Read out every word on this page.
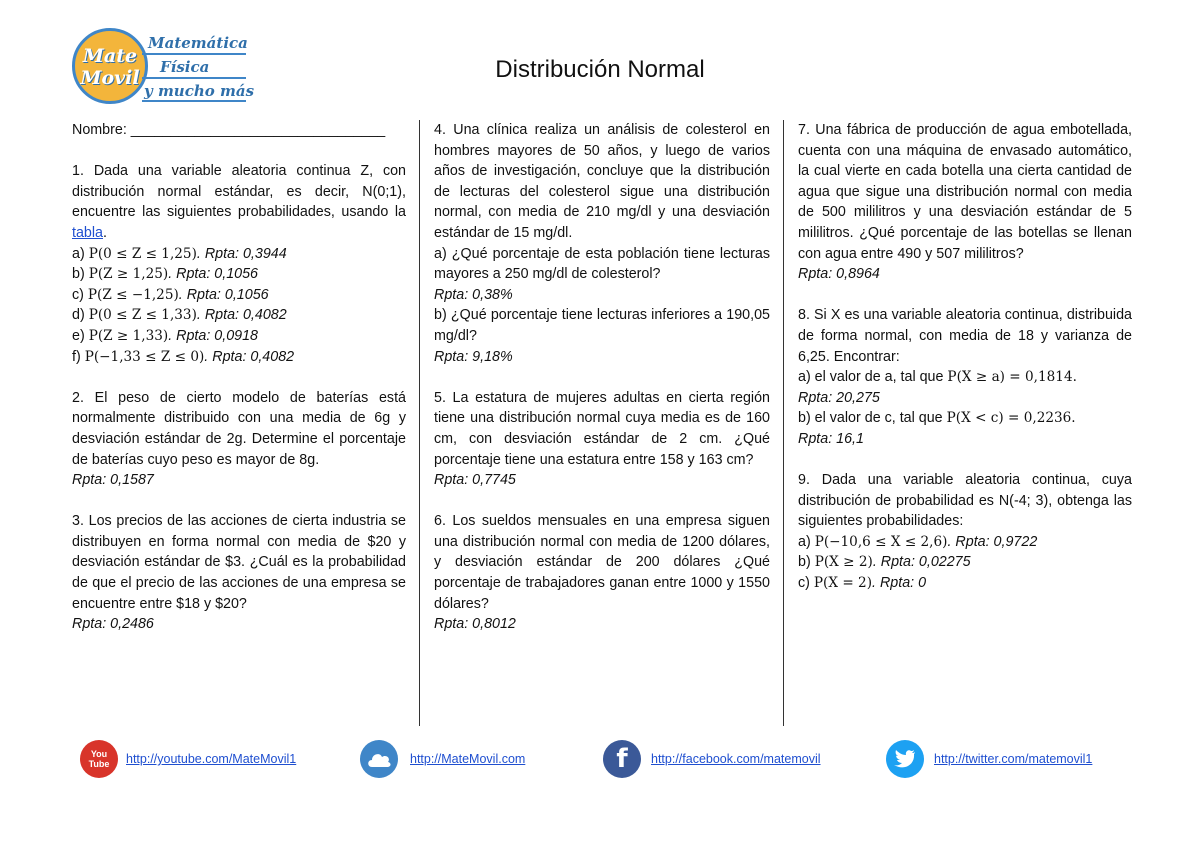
Mate
Movil
Matemática
Física
y mucho más
Distribución Normal

Nombre: ________________________________

1. Dada una variable aleatoria continua Z, con distribución normal estándar, es decir, N(0;1), encuentre las siguientes probabilidades, usando la tabla.
a) P(0 ≤ Z ≤ 1,25). Rpta: 0,3944
b) P(Z ≥ 1,25). Rpta: 0,1056
c) P(Z ≤ −1,25). Rpta: 0,1056
d) P(0 ≤ Z ≤ 1,33). Rpta: 0,4082
e) P(Z ≥ 1,33). Rpta: 0,0918
f) P(−1,33 ≤ Z ≤ 0). Rpta: 0,4082

2. El peso de cierto modelo de baterías está normalmente distribuido con una media de 6g y desviación estándar de 2g. Determine el porcentaje de baterías cuyo peso es mayor de 8g.
Rpta: 0,1587

3. Los precios de las acciones de cierta industria se distribuyen en forma normal con media de $20 y desviación estándar de $3. ¿Cuál es la probabilidad de que el precio de las acciones de una empresa se encuentre entre $18 y $20?
Rpta: 0,2486

4. Una clínica realiza un análisis de colesterol en hombres mayores de 50 años, y luego de varios años de investigación, concluye que la distribución de lecturas del colesterol sigue una distribución normal, con media de 210 mg/dl y una desviación estándar de 15 mg/dl.
a) ¿Qué porcentaje de esta población tiene lecturas mayores a 250 mg/dl de colesterol?
Rpta: 0,38%
b) ¿Qué porcentaje tiene lecturas inferiores a 190,05 mg/dl?
Rpta: 9,18%

5. La estatura de mujeres adultas en cierta región tiene una distribución normal cuya media es de 160 cm, con desviación estándar de 2 cm. ¿Qué porcentaje tiene una estatura entre 158 y 163 cm?
Rpta: 0,7745

6. Los sueldos mensuales en una empresa siguen una distribución normal con media de 1200 dólares, y desviación estándar de 200 dólares ¿Qué porcentaje de trabajadores ganan entre 1000 y 1550 dólares?
Rpta: 0,8012

7. Una fábrica de producción de agua embotellada, cuenta con una máquina de envasado automático, la cual vierte en cada botella una cierta cantidad de agua que sigue una distribución normal con media de 500 mililitros y una desviación estándar de 5 mililitros. ¿Qué porcentaje de las botellas se llenan con agua entre 490 y 507 mililitros?
Rpta: 0,8964

8. Si X es una variable aleatoria continua, distribuida de forma normal, con media de 18 y varianza de 6,25. Encontrar:
a) el valor de a, tal que P(X ≥ a) = 0,1814.
Rpta: 20,275
b) el valor de c, tal que P(X < c) = 0,2236.
Rpta: 16,1

9. Dada una variable aleatoria continua, cuya distribución de probabilidad es N(-4; 3), obtenga las siguientes probabilidades:
a) P(−10,6 ≤ X ≤ 2,6). Rpta: 0,9722
b) P(X ≥ 2). Rpta: 0,02275
c) P(X = 2). Rpta: 0

You Tube	http://youtube.com/MateMovil1	http://MateMovil.com	f http://facebook.com/matemovil	http://twitter.com/matemovil1
